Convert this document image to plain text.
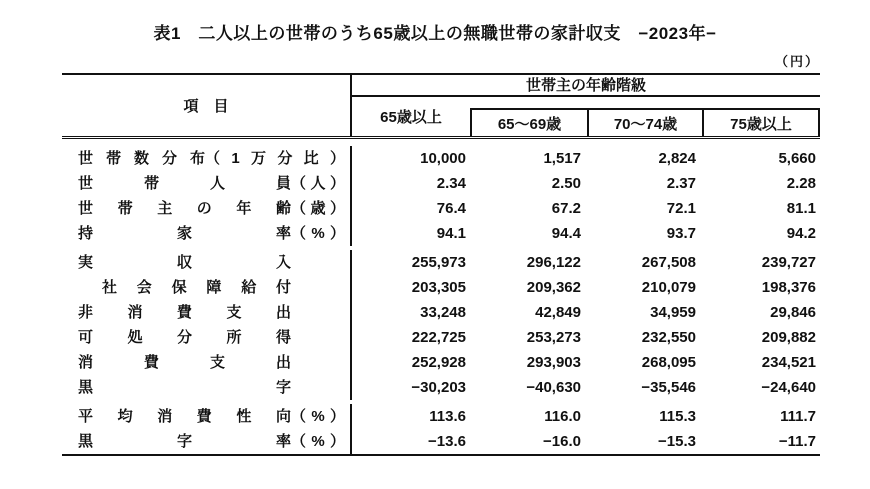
表1　二人以上の世帯のうち65歳以上の無職世帯の家計収支　−2023年−
（円）
項　目
世帯主の年齢階級
65歳以上	65～69歳	70～74歳	75歳以上
世 帯 数 分 布 （ 1 万 分 比 ）	10,000	1,517	2,824	5,660
世	帯	人	員 （ 人 ）	2.34	2.50	2.37	2.28
世 帯 主 の 年 齢 （ 歳 ）	76.4	67.2	72.1	81.1
持	家	率 （ % ）	94.1	94.4	93.7	94.2
実	収	入	255,973	296,122	267,508	239,727
社 会 保 障 給 付	203,305	209,362	210,079	198,376
非 消 費 支 出	33,248	42,849	34,959	29,846
可 処 分 所 得	222,725	253,273	232,550	209,882
消	費	支	出	252,928	293,903	268,095	234,521
黒	字	−30,203	−40,630	−35,546	−24,640
平 均 消 費 性 向 （ % ）	113.6	116.0	115.3	111.7
黒	字	率 （ % ）	−13.6	−16.0	−15.3	−11.7
